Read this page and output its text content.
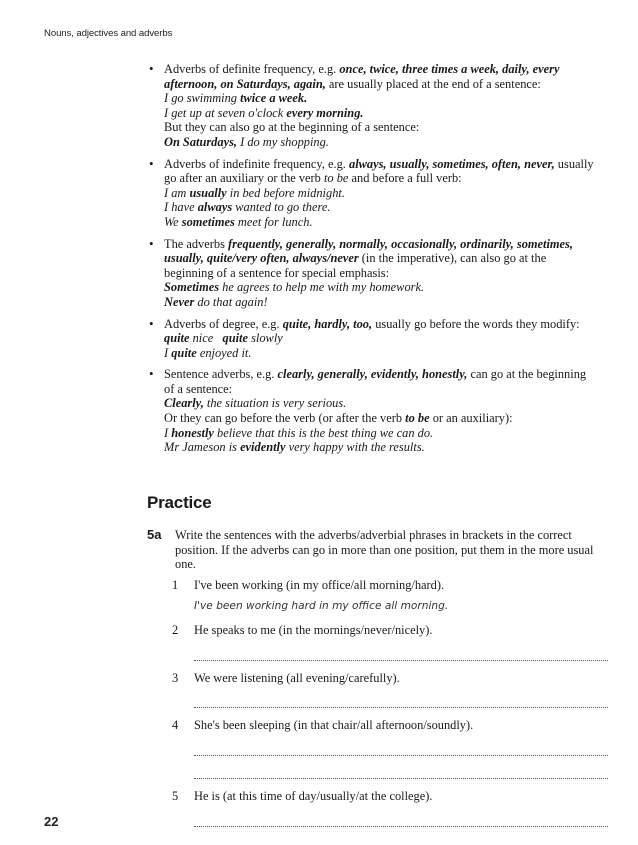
Nouns, adjectives and adverbs
• Adverbs of definite frequency, e.g. once, twice, three times a week, daily, every afternoon, on Saturdays, again, are usually placed at the end of a sentence:
I go swimming twice a week.
I get up at seven o'clock every morning.
But they can also go at the beginning of a sentence:
On Saturdays, I do my shopping.
• Adverbs of indefinite frequency, e.g. always, usually, sometimes, often, never, usually go after an auxiliary or the verb to be and before a full verb:
I am usually in bed before midnight.
I have always wanted to go there.
We sometimes meet for lunch.
• The adverbs frequently, generally, normally, occasionally, ordinarily, sometimes, usually, quite/very often, always/never (in the imperative), can also go at the beginning of a sentence for special emphasis:
Sometimes he agrees to help me with my homework.
Never do that again!
• Adverbs of degree, e.g. quite, hardly, too, usually go before the words they modify:
quite nice   quite slowly
I quite enjoyed it.
• Sentence adverbs, e.g. clearly, generally, evidently, honestly, can go at the beginning of a sentence:
Clearly, the situation is very serious.
Or they can go before the verb (or after the verb to be or an auxiliary):
I honestly believe that this is the best thing we can do.
Mr Jameson is evidently very happy with the results.
Practice
5a Write the sentences with the adverbs/adverbial phrases in brackets in the correct position. If the adverbs can go in more than one position, put them in the more usual one.
1 I've been working (in my office/all morning/hard).
I've been working hard in my office all morning.
2 He speaks to me (in the mornings/never/nicely).
3 We were listening (all evening/carefully).
4 She's been sleeping (in that chair/all afternoon/soundly).
5 He is (at this time of day/usually/at the college).
22
